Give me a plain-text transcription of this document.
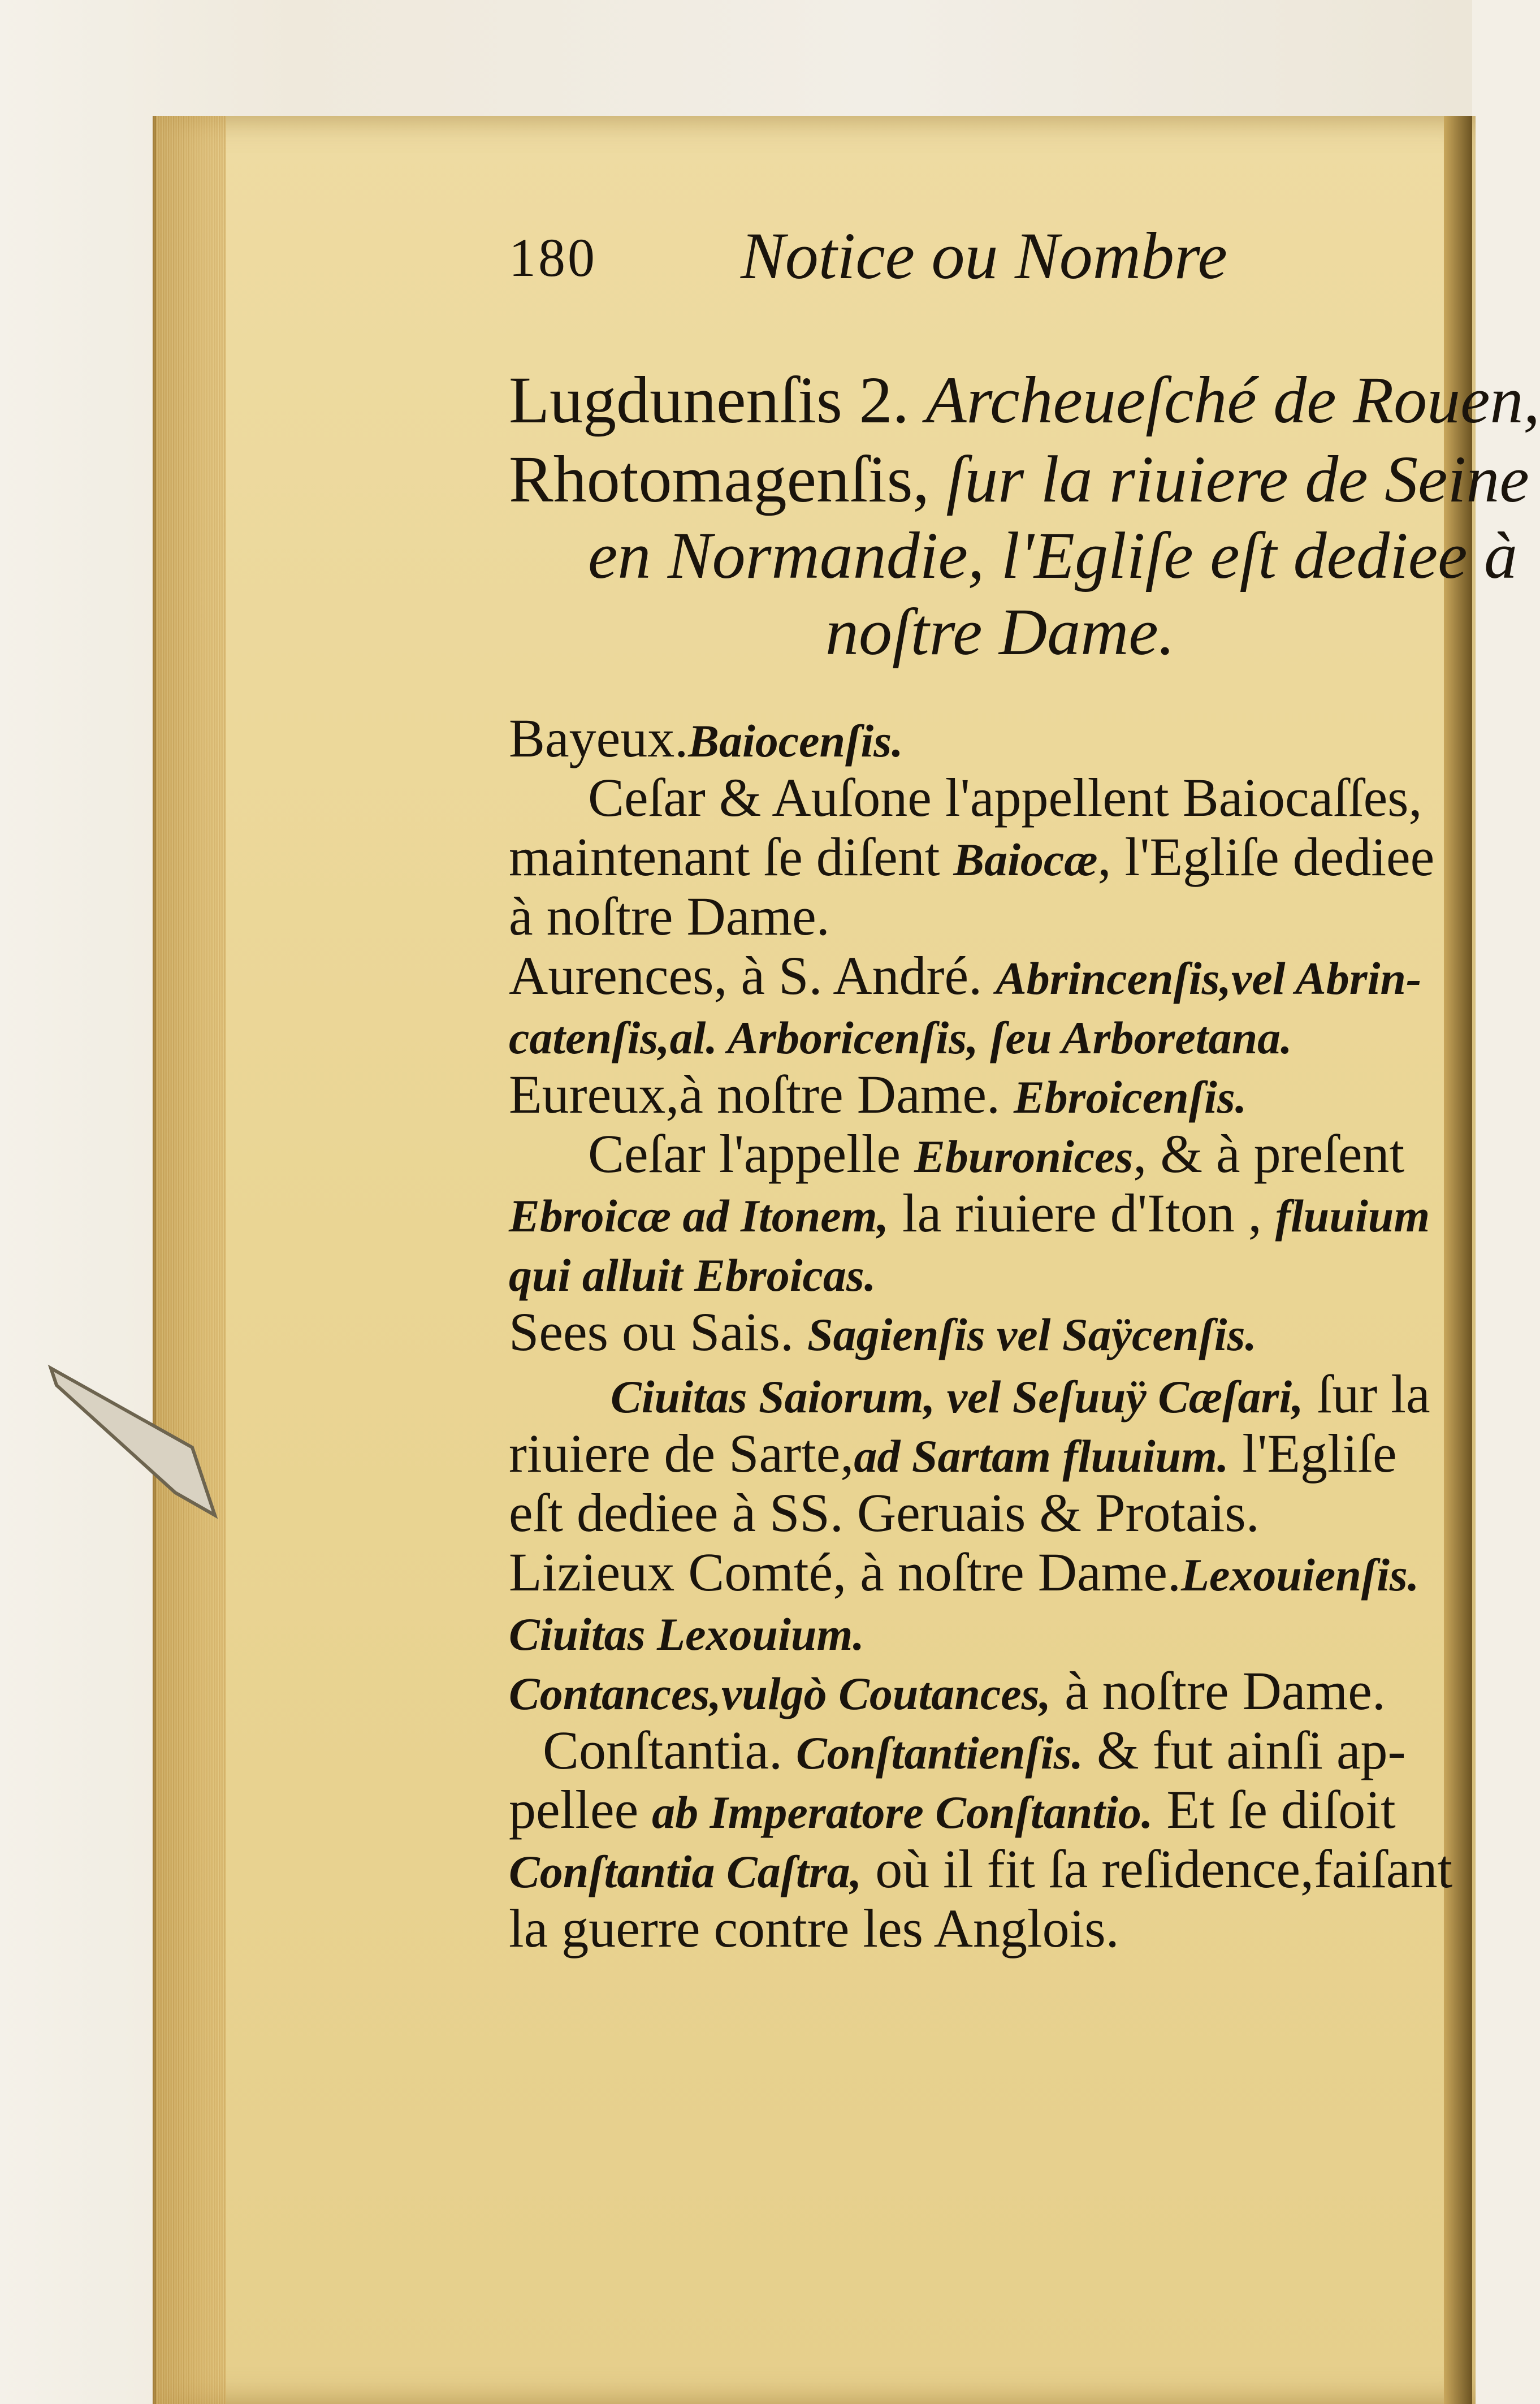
180 Notice ou Nombre
Lugdunenſis 2. Archeueſché de Rouen,
Rhotomagenſis, ſur la riuiere de Seine
en Normandie, l'Egliſe eſt dediee à
noſtre Dame.
Bayeux.Baiocenſis.
Ceſar & Auſone l'appellent Baiocaſſes,
maintenant ſe diſent Baiocæ, l'Egliſe dediee
à noſtre Dame.
Aurences, à S. André. Abrincenſis,vel Abrin-
catenſis,al. Arboricenſis, ſeu Arboretana.
Eureux,à noſtre Dame. Ebroicenſis.
Ceſar l'appelle Eburonices, & à preſent
Ebroicæ ad Itonem, la riuiere d'Iton , fluuium
qui alluit Ebroicas.
Sees ou Sais. Sagienſis vel Saÿcenſis.
Ciuitas Saiorum, vel Seſuuÿ Cæſari, ſur la
riuiere de Sarte,ad Sartam fluuium. l'Egliſe
eſt dediee à SS. Geruais & Protais.
Lizieux Comté, à noſtre Dame.Lexouienſis.
Ciuitas Lexouium.
Contances,vulgò Coutances, à noſtre Dame.
Conſtantia. Conſtantienſis. & fut ainſi ap-
pellee ab Imperatore Conſtantio. Et ſe diſoit
Conſtantia Caſtra, où il fit ſa reſidence,faiſant
la guerre contre les Anglois.
